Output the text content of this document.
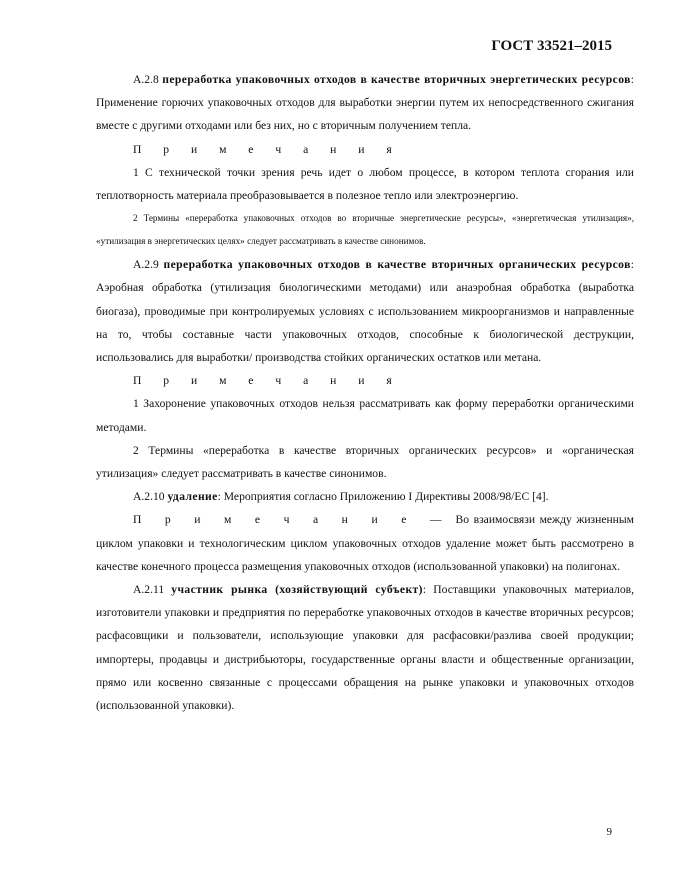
ГОСТ 33521–2015

А.2.8 переработка упаковочных отходов в качестве вторичных энергетических ресурсов: Применение горючих упаковочных отходов для выработки энергии путем их непосредственного сжигания вместе с другими отходами или без них, но с вторичным получением тепла.

П р и м е ч а н и я

1 С технической точки зрения речь идет о любом процессе, в котором теплота сгорания или теплотворность материала преобразовывается в полезное тепло или электроэнергию.

2 Термины «переработка упаковочных отходов во вторичные энергетические ресурсы», «энергетическая утилизация», «утилизация в энергетических целях» следует рассматривать в качестве синонимов.

А.2.9 переработка упаковочных отходов в качестве вторичных органических ресурсов: Аэробная обработка (утилизация биологическими методами) или анаэробная обработка (выработка биогаза), проводимые при контролируемых условиях с использованием микроорганизмов и направленные на то, чтобы составные части упаковочных отходов, способные к биологической деструкции, использовались для выработки/ производства стойких органических остатков или метана.

П р и м е ч а н и я

1 Захоронение упаковочных отходов нельзя рассматривать как форму переработки органическими методами.

2 Термины «переработка в качестве вторичных органических ресурсов» и «органическая утилизация» следует рассматривать в качестве синонимов.

А.2.10 удаление: Мероприятия согласно Приложению I Директивы 2008/98/ЕС [4].

П р и м е ч а н и е — Во взаимосвязи между жизненным циклом упаковки и технологическим циклом упаковочных отходов удаление может быть рассмотрено в качестве конечного процесса размещения упаковочных отходов (использованной упаковки) на полигонах.

А.2.11 участник рынка (хозяйствующий субъект): Поставщики упаковочных материалов, изготовители упаковки и предприятия по переработке упаковочных отходов в качестве вторичных ресурсов; расфасовщики и пользователи, использующие упаковки для расфасовки/разлива своей продукции; импортеры, продавцы и дистрибьюторы, государственные органы власти и общественные организации, прямо или косвенно связанные с процессами обращения на рынке упаковки и упаковочных отходов (использованной упаковки).

9
